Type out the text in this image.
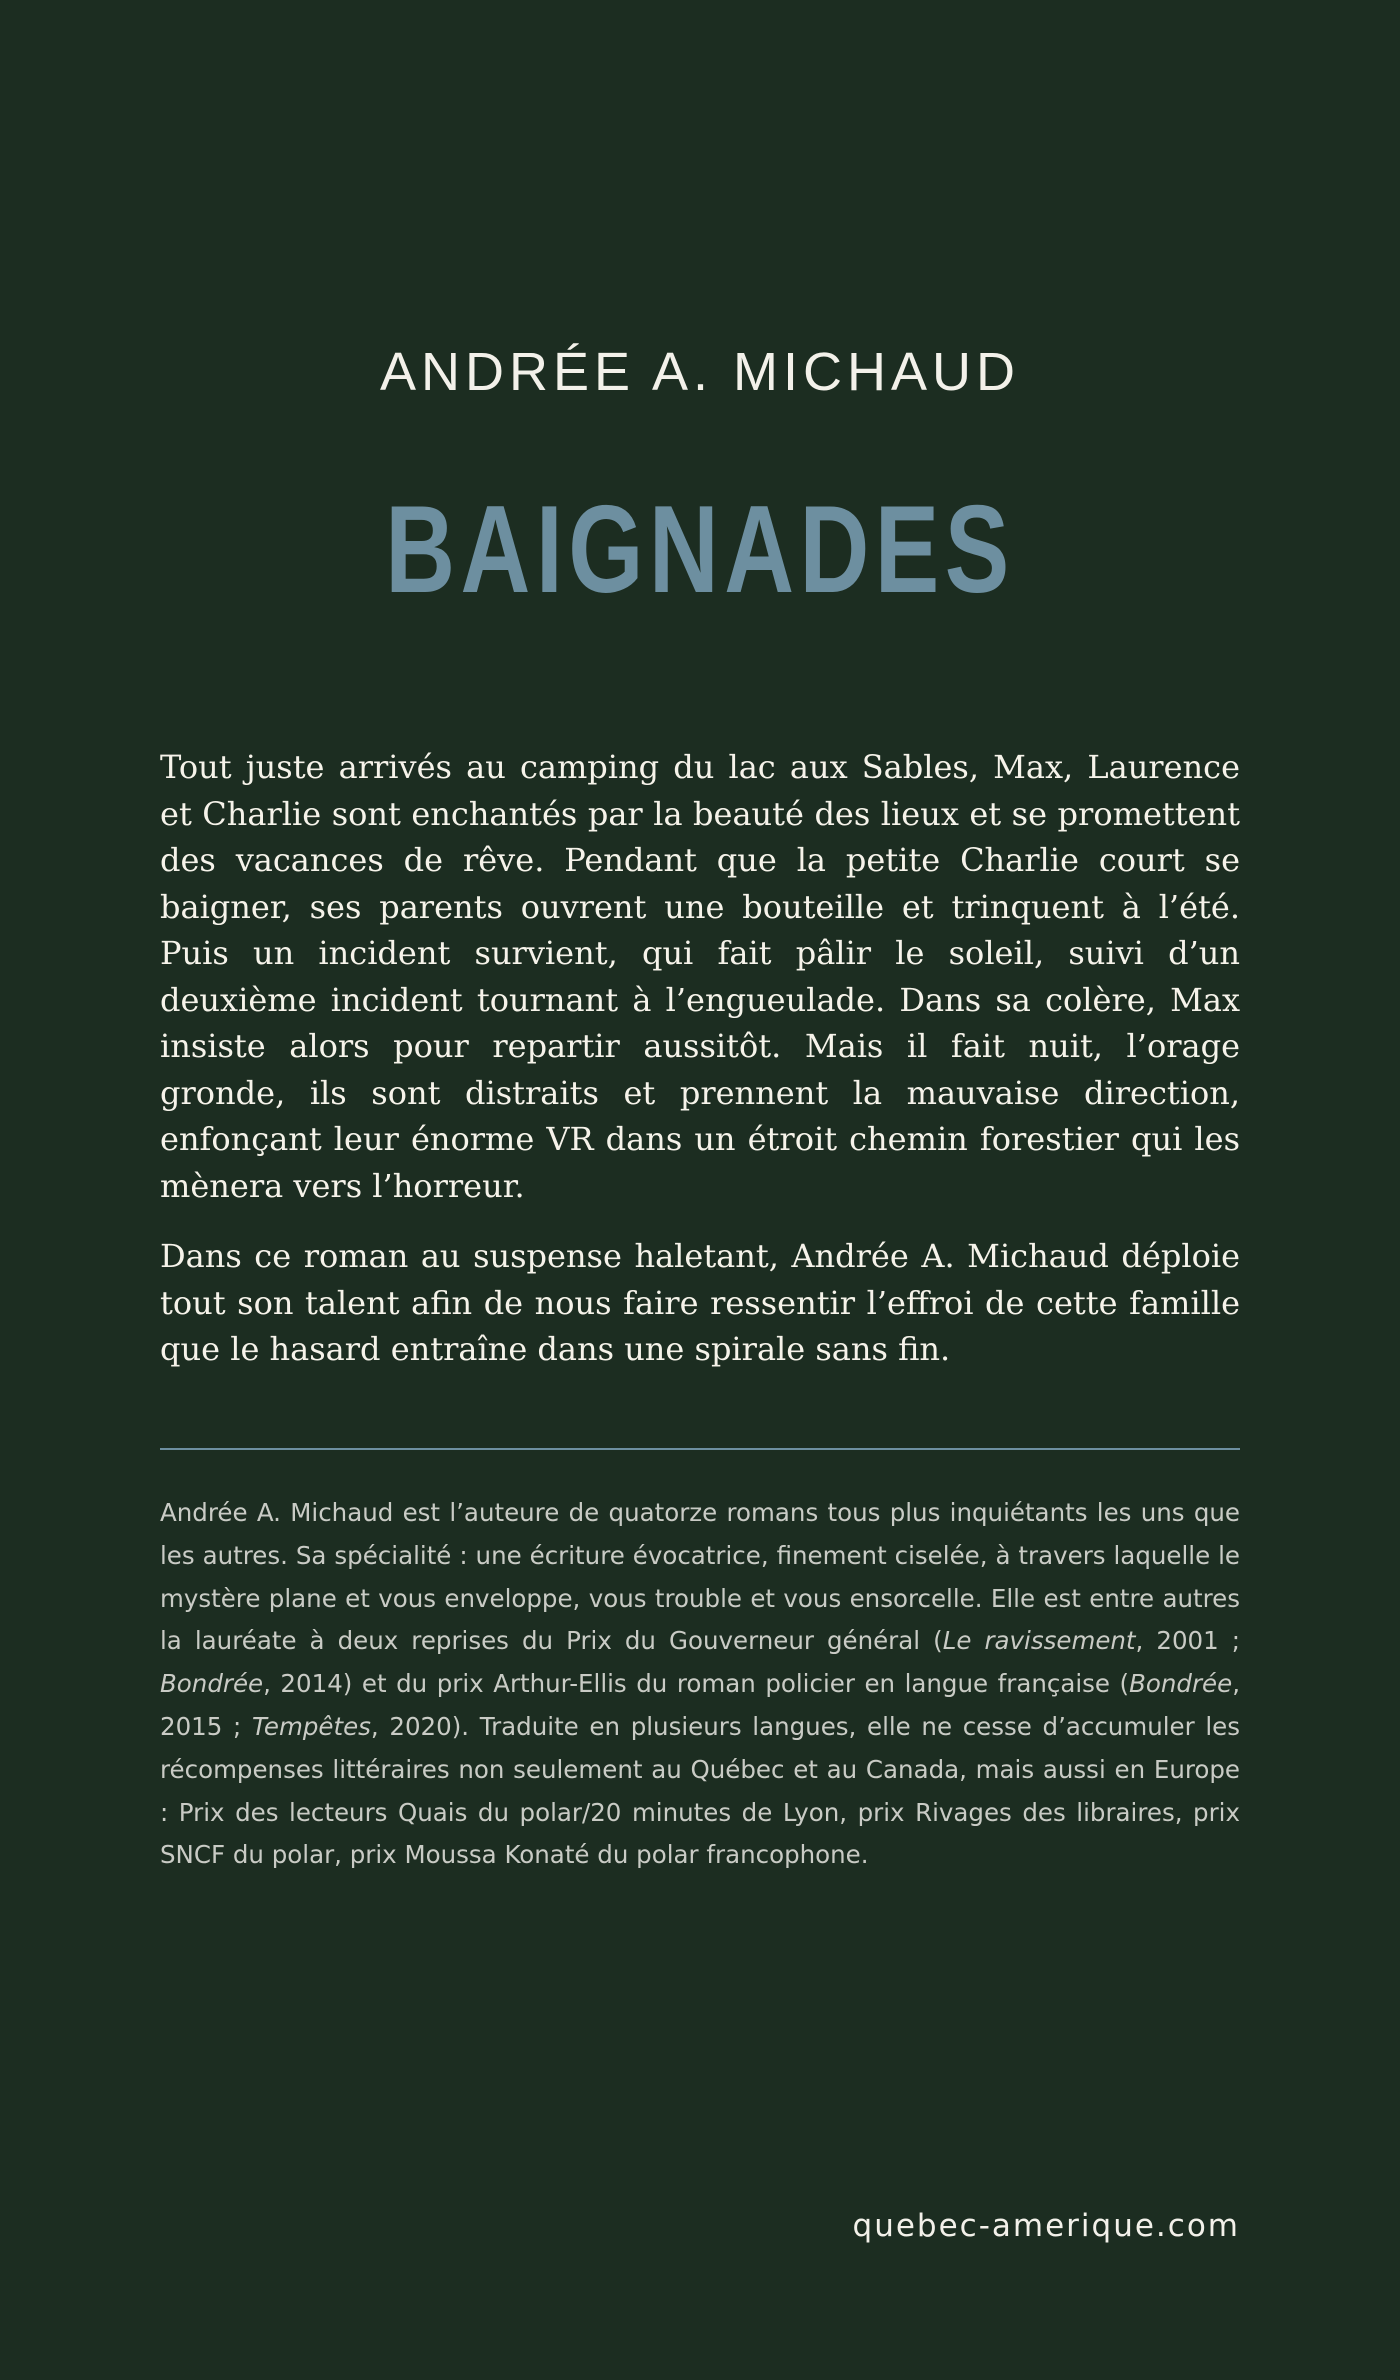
ANDRÉE A. MICHAUD
BAIGNADES

Tout juste arrivés au camping du lac aux Sables, Max, Laurence et Charlie sont enchantés par la beauté des lieux et se promettent des vacances de rêve. Pendant que la petite Charlie court se baigner, ses parents ouvrent une bouteille et trinquent à l’été. Puis un incident survient, qui fait pâlir le soleil, suivi d’un deuxième incident tournant à l’engueulade. Dans sa colère, Max insiste alors pour repartir aussitôt. Mais il fait nuit, l’orage gronde, ils sont distraits et prennent la mauvaise direction, enfonçant leur énorme VR dans un étroit chemin forestier qui les mènera vers l’horreur.

Dans ce roman au suspense haletant, Andrée A. Michaud déploie tout son talent afin de nous faire ressentir l’effroi de cette famille que le hasard entraîne dans une spirale sans fin.

Andrée A. Michaud est l’auteure de quatorze romans tous plus inquiétants les uns que les autres. Sa spécialité : une écriture évocatrice, finement ciselée, à travers laquelle le mystère plane et vous enveloppe, vous trouble et vous ensorcelle. Elle est entre autres la lauréate à deux reprises du Prix du Gouverneur général (Le ravissement, 2001 ; Bondrée, 2014) et du prix Arthur-Ellis du roman policier en langue française (Bondrée, 2015 ; Tempêtes, 2020). Traduite en plusieurs langues, elle ne cesse d’accumuler les récompenses littéraires non seulement au Québec et au Canada, mais aussi en Europe : Prix des lecteurs Quais du polar/20 minutes de Lyon, prix Rivages des libraires, prix SNCF du polar, prix Moussa Konaté du polar francophone.
quebec-amerique.com
